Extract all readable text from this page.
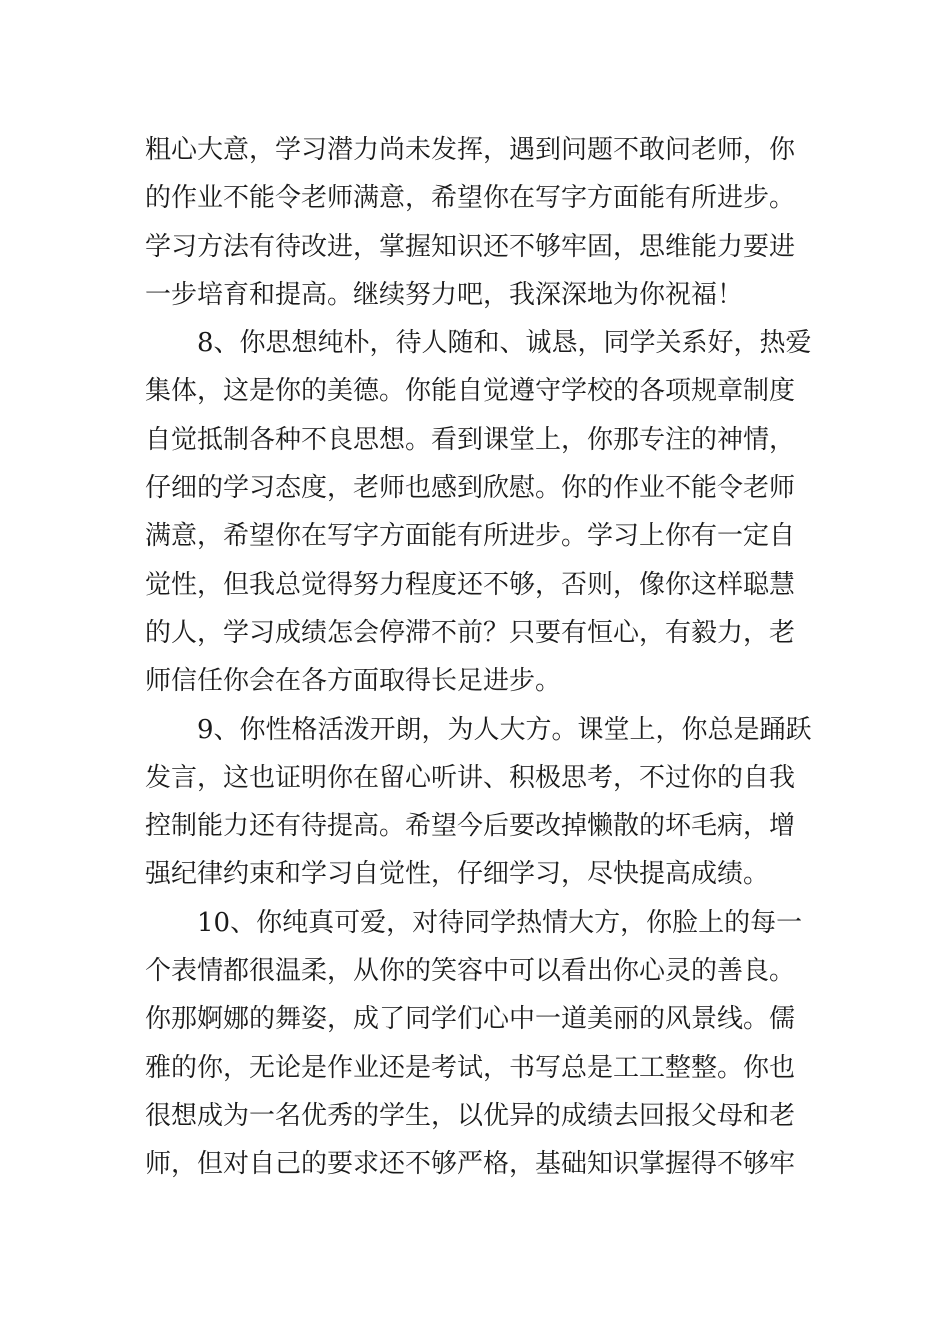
粗心大意，学习潜力尚未发挥，遇到问题不敢问老师，你
的作业不能令老师满意，希望你在写字方面能有所进步。
学习方法有待改进，掌握知识还不够牢固，思维能力要进
一步培育和提高。继续努力吧，我深深地为你祝福！
8、你思想纯朴，待人随和、诚恳，同学关系好，热爱
集体，这是你的美德。你能自觉遵守学校的各项规章制度
自觉抵制各种不良思想。看到课堂上，你那专注的神情，
仔细的学习态度，老师也感到欣慰。你的作业不能令老师
满意，希望你在写字方面能有所进步。学习上你有一定自
觉性，但我总觉得努力程度还不够，否则，像你这样聪慧
的人，学习成绩怎会停滞不前？只要有恒心，有毅力，老
师信任你会在各方面取得长足进步。
9、你性格活泼开朗，为人大方。课堂上，你总是踊跃
发言，这也证明你在留心听讲、积极思考，不过你的自我
控制能力还有待提高。希望今后要改掉懒散的坏毛病，增
强纪律约束和学习自觉性，仔细学习，尽快提高成绩。
10、你纯真可爱，对待同学热情大方，你脸上的每一
个表情都很温柔，从你的笑容中可以看出你心灵的善良。
你那婀娜的舞姿，成了同学们心中一道美丽的风景线。儒
雅的你，无论是作业还是考试，书写总是工工整整。你也
很想成为一名优秀的学生，以优异的成绩去回报父母和老
师，但对自己的要求还不够严格，基础知识掌握得不够牢
